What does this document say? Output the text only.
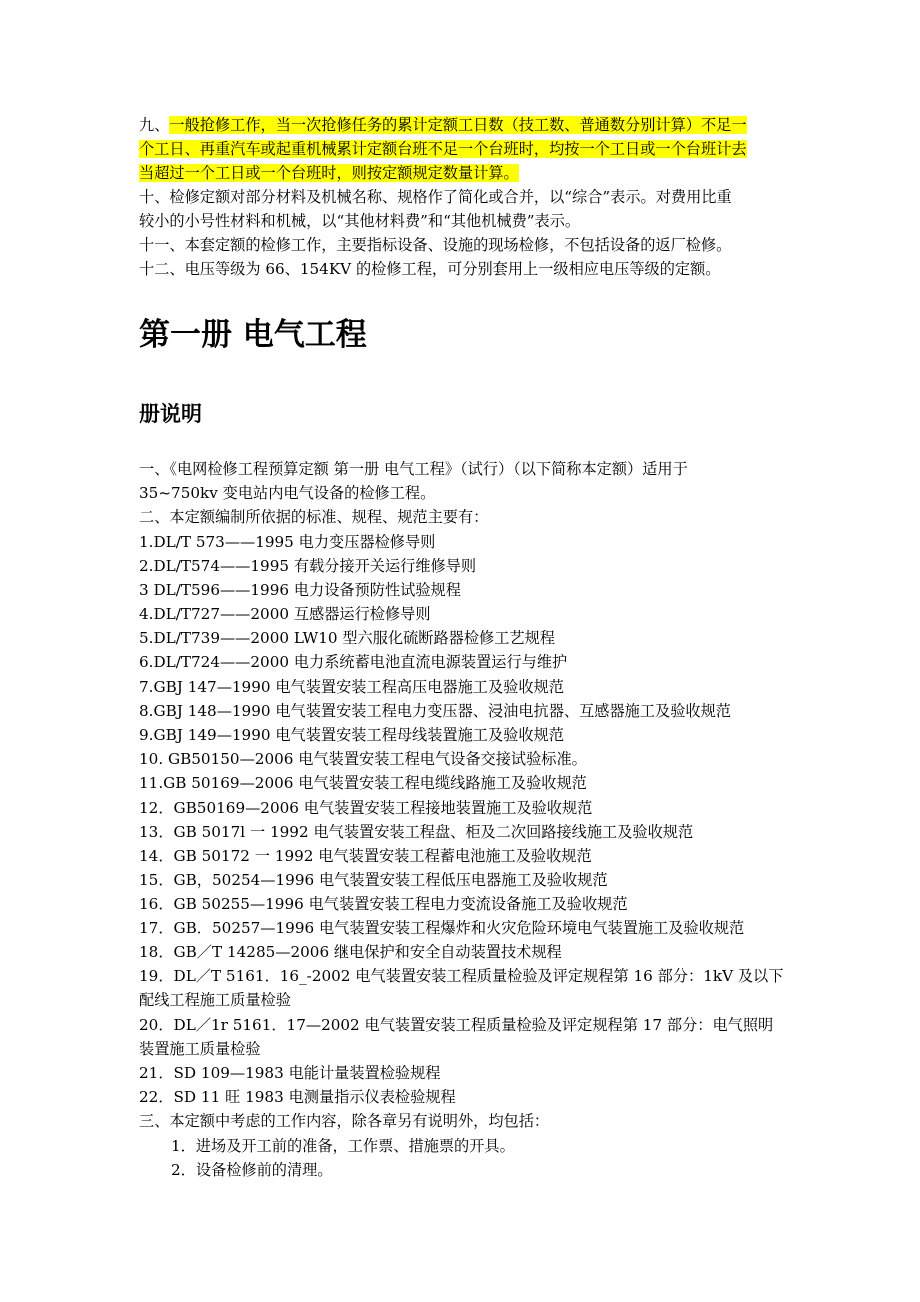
九、一般抢修工作，当一次抢修任务的累计定额工日数（技工数、普通数分别计算）不足一

个工日、再重汽车或起重机械累计定额台班不足一个台班时，均按一个工日或一个台班计去

当超过一个工日或一个台班时，则按定额规定数量计算。

十、检修定额对部分材料及机械名称、规格作了简化或合并，以“综合”表示。对费用比重

较小的小号性材料和机械，以“其他材料费”和“其他机械费”表示。

十一、本套定额的检修工作，主要指标设备、设施的现场检修，不包括设备的返厂检修。

十二、电压等级为 66、154KV 的检修工程，可分别套用上一级相应电压等级的定额。

第一册 电气工程
册说明

一、《电网检修工程预算定额 第一册 电气工程》（试行）（以下简称本定额）适用于

35~750kv 变电站内电气设备的检修工程。

二、本定额编制所依据的标准、规程、规范主要有：

1.DL/T 573——1995 电力变压器检修导则

2.DL/T574——1995 有载分接开关运行维修导则

3 DL/T596——1996 电力设备预防性试验规程

4.DL/T727——2000 互感器运行检修导则

5.DL/T739——2000 LW10 型六服化硫断路器检修工艺规程

6.DL/T724——2000 电力系统蓄电池直流电源装置运行与维护

7.GBJ 147—1990 电气装置安装工程高压电器施工及验收规范

8.GBJ 148—1990 电气装置安装工程电力变压器、浸油电抗器、互感器施工及验收规范

9.GBJ 149—1990 电气装置安装工程母线装置施工及验收规范

10. GB50150—2006 电气装置安装工程电气设备交接试验标准。

11.GB 50169—2006 电气装置安装工程电缆线路施工及验收规范

12．GB50169—2006 电气装置安装工程接地装置施工及验收规范

13．GB 5017l 一 1992 电气装置安装工程盘、柜及二次回路接线施工及验收规范

14．GB 50172 一 1992 电气装置安装工程蓄电池施工及验收规范

15．GB，50254—1996 电气装置安装工程低压电器施工及验收规范

16．GB 50255—1996 电气装置安装工程电力变流设备施工及验收规范

17．GB．50257—1996 电气装置安装工程爆炸和火灾危险环境电气装置施工及验收规范

18．GB／T 14285—2006 继电保护和安全自动装置技术规程

19．DL／T 5161．16_-2002 电气装置安装工程质量检验及评定规程第 16 部分：1kV 及以下

配线工程施工质量检验

20．DL／1r 5161．17—2002 电气装置安装工程质量检验及评定规程第 17 部分：电气照明

装置施工质量检验

21．SD 109—1983 电能计量装置检验规程

22．SD 11 旺 1983 电测量指示仪表检验规程

三、本定额中考虑的工作内容，除各章另有说明外，均包括：

1．进场及开工前的准备，工作票、措施票的开具。

2．设备检修前的清理。
